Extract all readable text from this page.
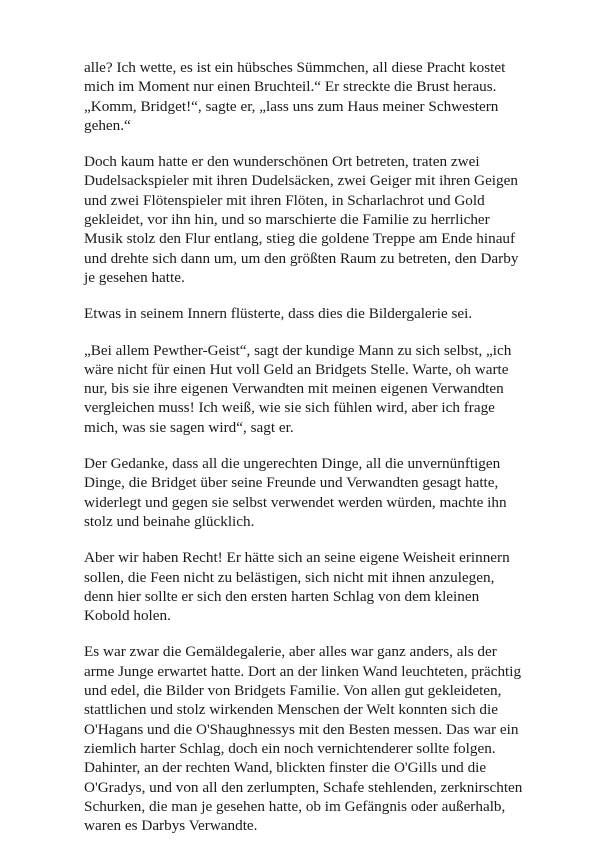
alle? Ich wette, es ist ein hübsches Sümmchen, all diese Pracht kostet mich im Moment nur einen Bruchteil.“ Er streckte die Brust heraus. „Komm, Bridget!“, sagte er, „lass uns zum Haus meiner Schwestern gehen.“

Doch kaum hatte er den wunderschönen Ort betreten, traten zwei Dudelsackspieler mit ihren Dudelsäcken, zwei Geiger mit ihren Geigen und zwei Flötenspieler mit ihren Flöten, in Scharlachrot und Gold gekleidet, vor ihn hin, und so marschierte die Familie zu herrlicher Musik stolz den Flur entlang, stieg die goldene Treppe am Ende hinauf und drehte sich dann um, um den größten Raum zu betreten, den Darby je gesehen hatte.

Etwas in seinem Innern flüsterte, dass dies die Bildergalerie sei.

„Bei allem Pewther-Geist“, sagt der kundige Mann zu sich selbst, „ich wäre nicht für einen Hut voll Geld an Bridgets Stelle. Warte, oh warte nur, bis sie ihre eigenen Verwandten mit meinen eigenen Verwandten vergleichen muss! Ich weiß, wie sie sich fühlen wird, aber ich frage mich, was sie sagen wird“, sagt er.

Der Gedanke, dass all die ungerechten Dinge, all die unvernünftigen Dinge, die Bridget über seine Freunde und Verwandten gesagt hatte, widerlegt und gegen sie selbst verwendet werden würden, machte ihn stolz und beinahe glücklich.

Aber wir haben Recht! Er hätte sich an seine eigene Weisheit erinnern sollen, die Feen nicht zu belästigen, sich nicht mit ihnen anzulegen, denn hier sollte er sich den ersten harten Schlag von dem kleinen Kobold holen.

Es war zwar die Gemäldegalerie, aber alles war ganz anders, als der arme Junge erwartet hatte. Dort an der linken Wand leuchteten, prächtig und edel, die Bilder von Bridgets Familie. Von allen gut gekleideten, stattlichen und stolz wirkenden Menschen der Welt konnten sich die O'Hagans und die O'Shaughnessys mit den Besten messen. Das war ein ziemlich harter Schlag, doch ein noch vernichtenderer sollte folgen. Dahinter, an der rechten Wand, blickten finster die O'Gills und die O'Gradys, und von all den zerlumpten, Schafe stehlenden, zerknirschten Schurken, die man je gesehen hatte, ob im Gefängnis oder außerhalb, waren es Darbys Verwandte.
